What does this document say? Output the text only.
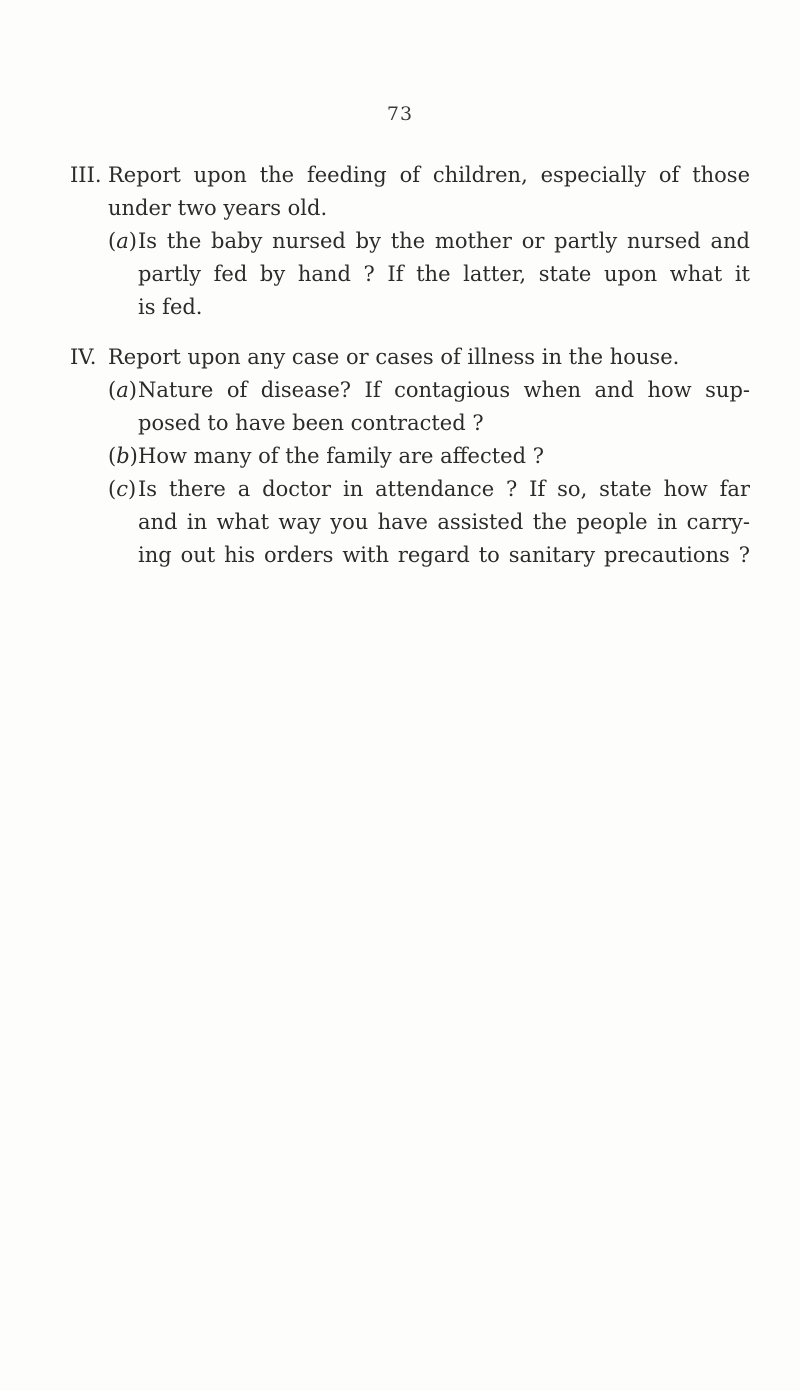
73
III. Report upon the feeding of children, especially of those
under two years old.
(a) Is the baby nursed by the mother or partly nursed and
partly fed by hand ? If the latter, state upon what it
is fed.
IV. Report upon any case or cases of illness in the house.
(a) Nature of disease? If contagious when and how sup-
posed to have been contracted ?
(b) How many of the family are affected ?
(c) Is there a doctor in attendance ? If so, state how far
and in what way you have assisted the people in carry-
ing out his orders with regard to sanitary precautions ?
